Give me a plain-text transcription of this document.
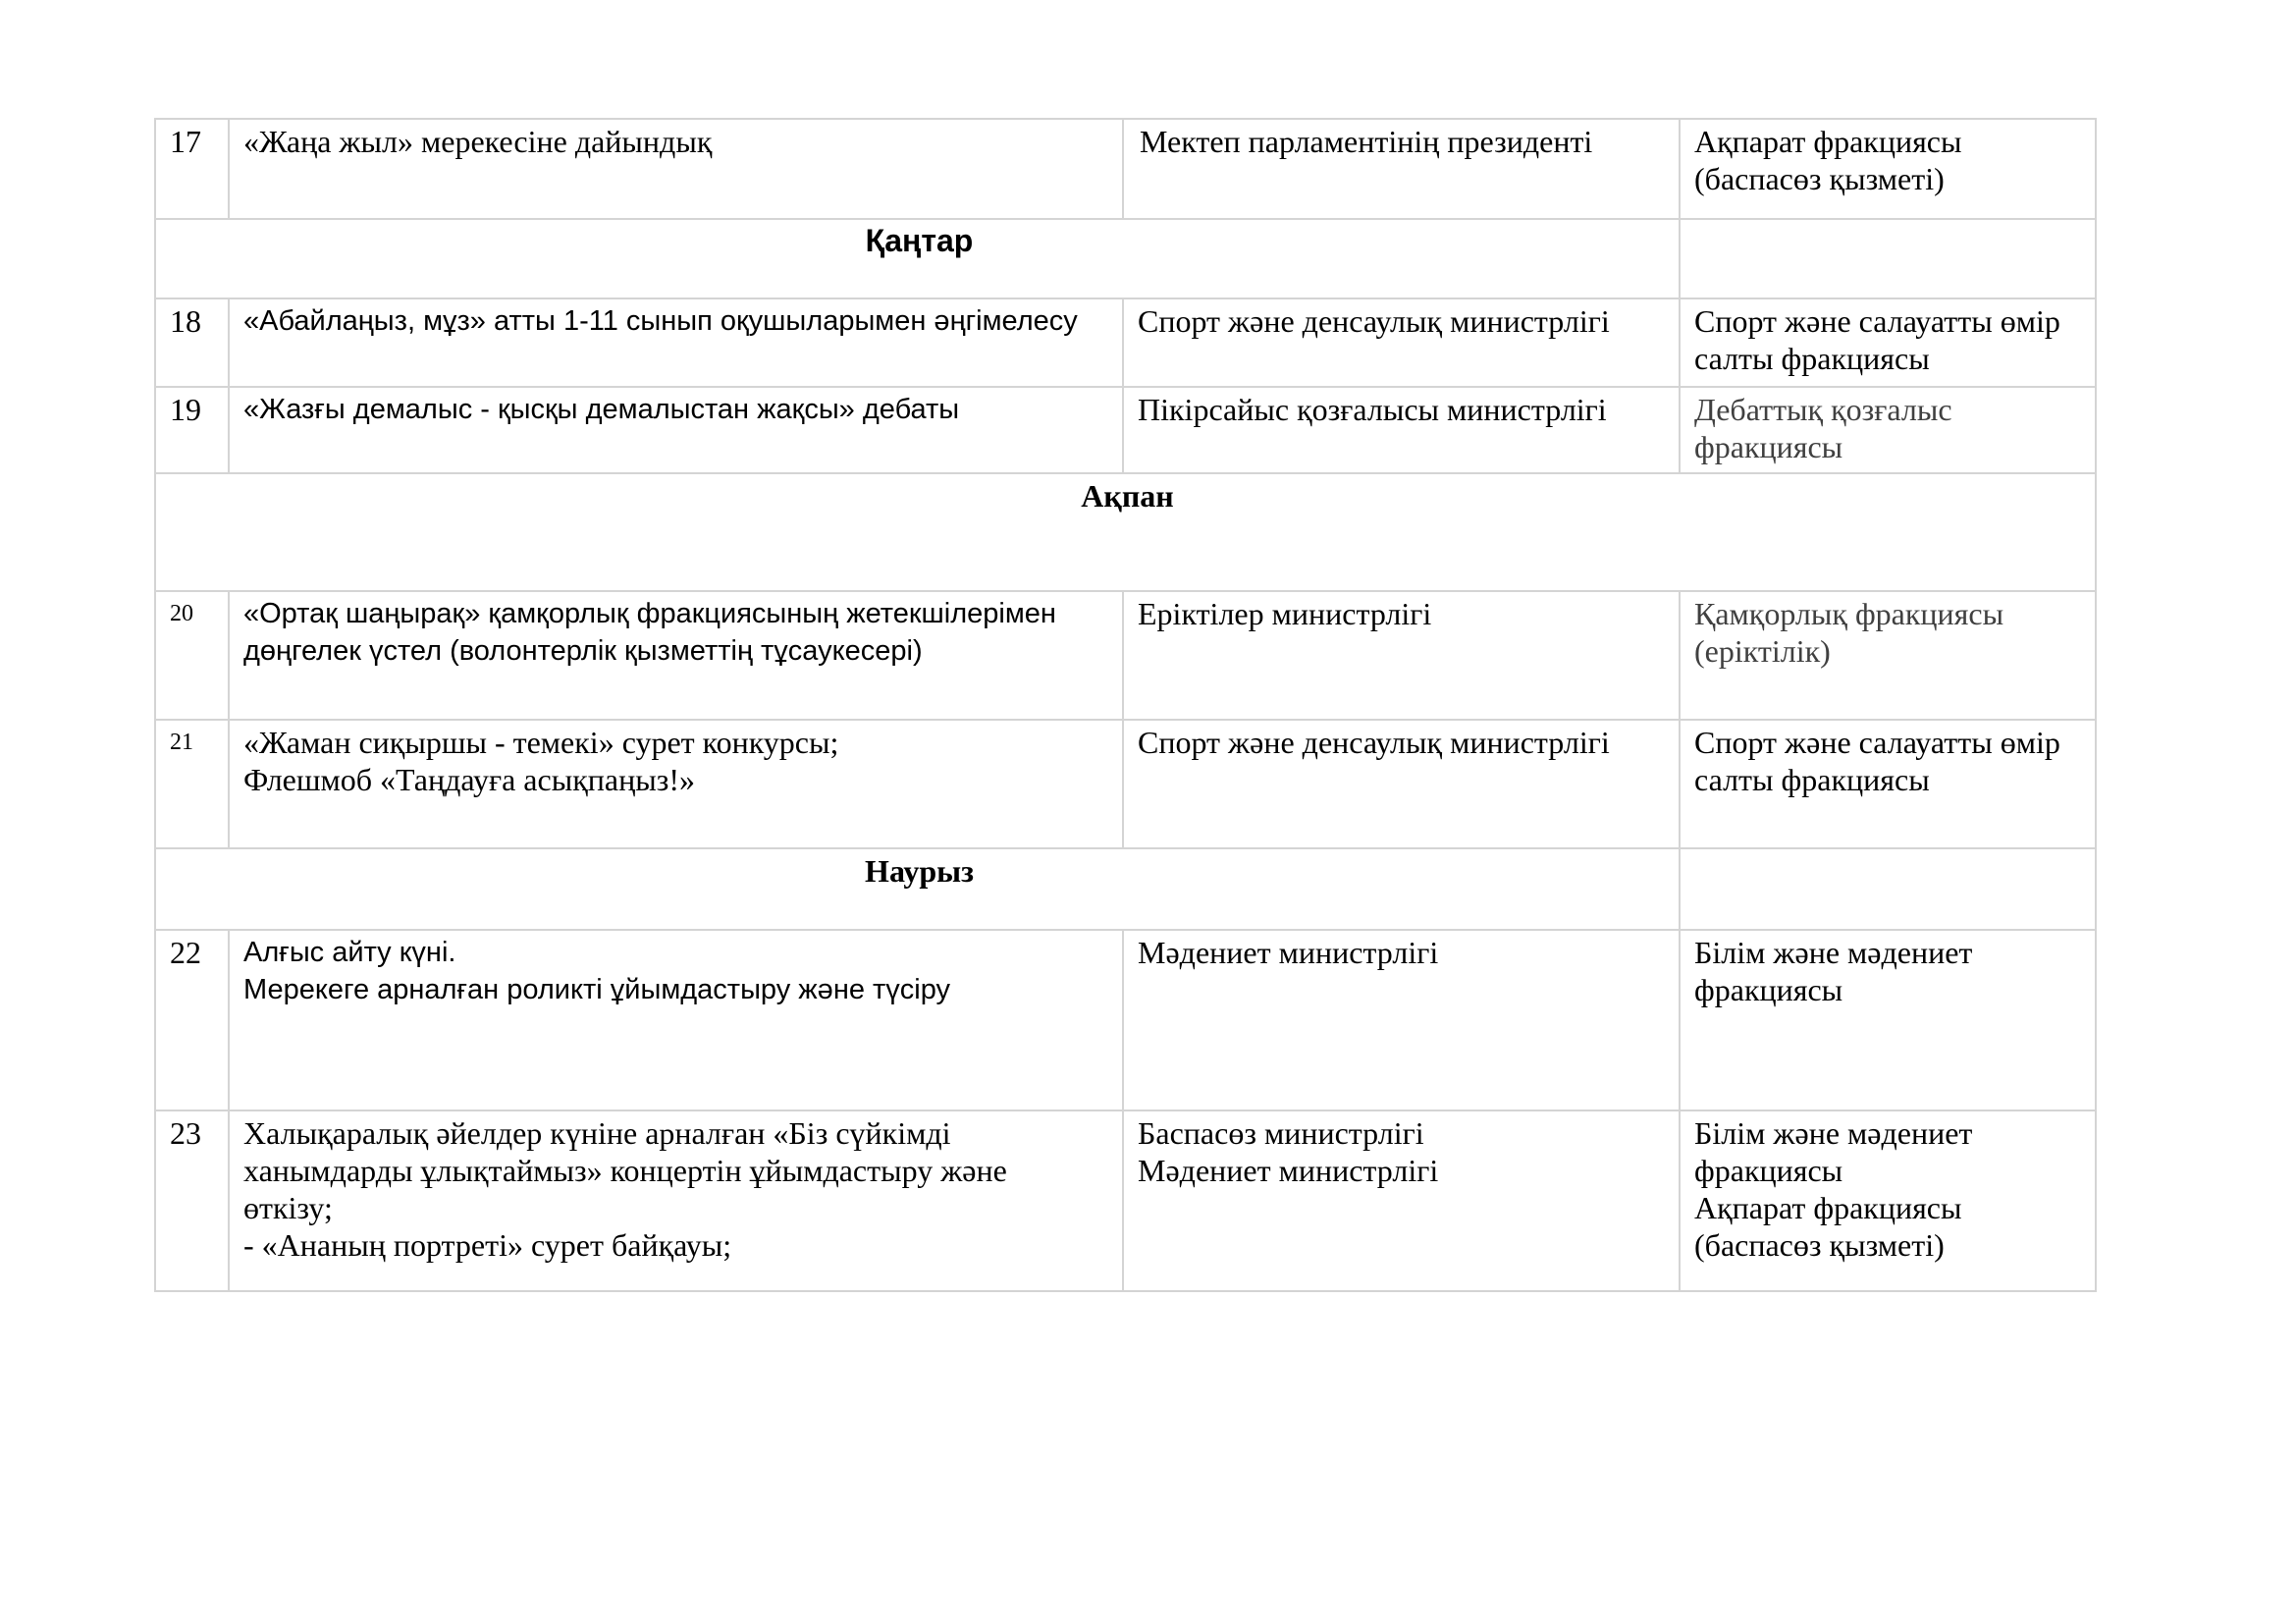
17	«Жаңа жыл» мерекесіне дайындық	Мектеп парламентінің президенті	Ақпарат фракциясы
(баспасөз қызметі)

Қаңтар			
18	«Абайлаңыз, мұз» атты 1-11 сынып оқушыларымен әңгімелесу	Спорт және денсаулық министрлігі	Спорт және салауатты өмір
салты фракциясы

19	«Жазғы демалыс - қысқы демалыстан жақсы» дебаты	Пікірсайыс қозғалысы министрлігі	Дебаттық қозғалыс
фракциясы

Ақпан			
20	«Ортақ шаңырақ» қамқорлық фракциясының жетекшілерімен
дөңгелек үстел (волонтерлік қызметтің тұсаукесері)	Еріктілер министрлігі	Қамқорлық фракциясы
(еріктілік)

21	«Жаман сиқыршы - темекі» сурет конкурсы;
Флешмоб «Таңдауға асықпаңыз!»	Спорт және денсаулық министрлігі	Спорт және салауатты өмір
салты фракциясы

Наурыз			
22	Алғыс айту күні.
Мерекеге арналған роликті ұйымдастыру және түсіру	Мәдениет министрлігі	Білім және мәдениет
фракциясы

23	Халықаралық әйелдер күніне арналған «Біз сүйкімді
ханымдарды ұлықтаймыз» концертін ұйымдастыру және
өткізу;
- «Ананың портреті» сурет байқауы;	Баспасөз министрлігі
Мәдениет министрлігі	Білім және мәдениет
фракциясы
Ақпарат фракциясы
(баспасөз қызметі)
